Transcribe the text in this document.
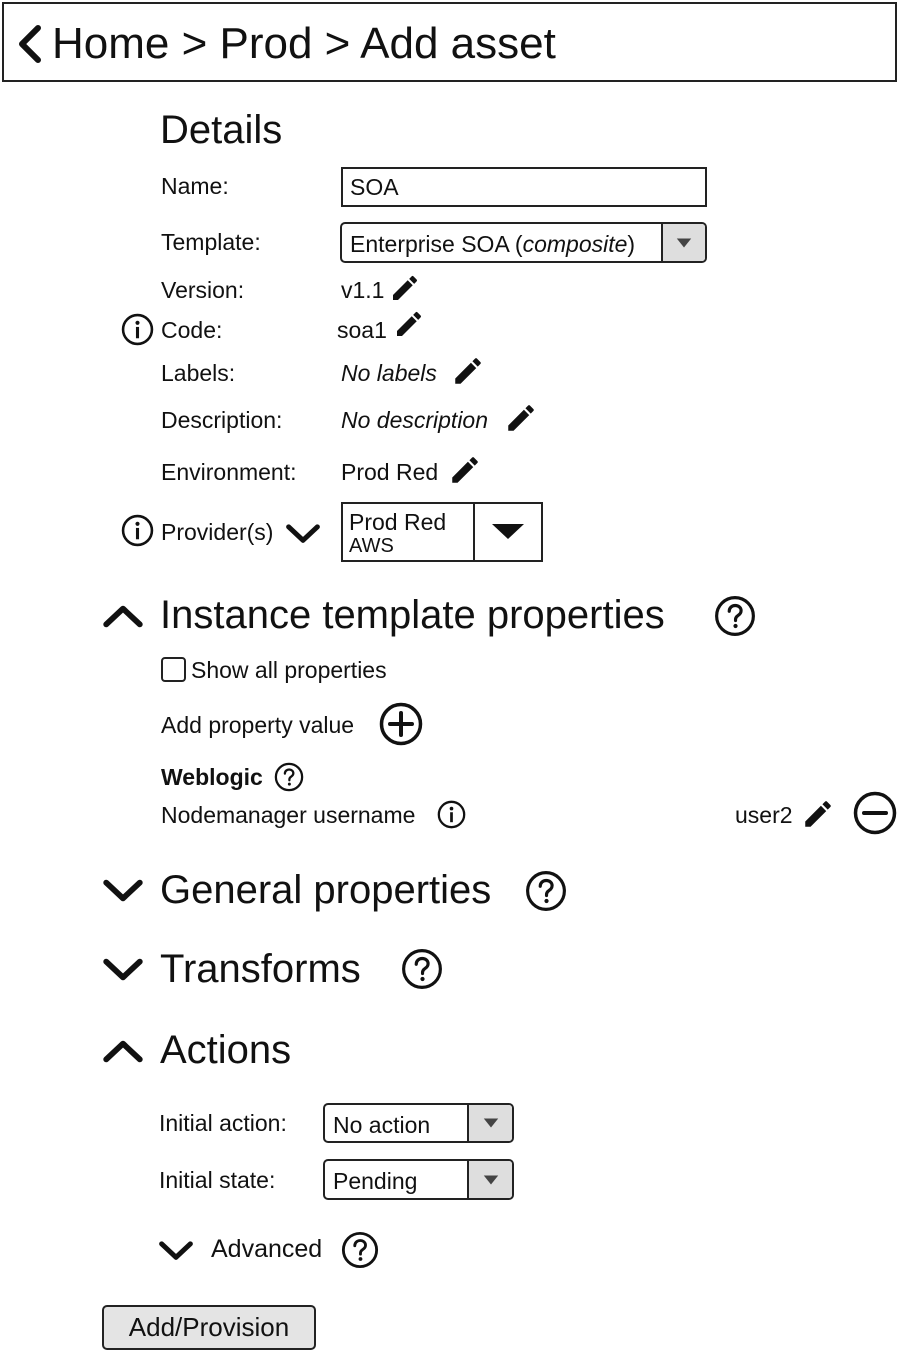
Home > Prod > Add asset
Details
Name:
SOA
Template:	Enterprise SOA (composite)
Version:	v1.1
Code:	soa1
Labels:	No labels
Description:	No description
Environment: Prod Red
Provider(s)	Prod Red
AWS
Instance template properties
Show all properties
Add property value
Weblogic
Nodemanager username	user2
General properties
Transforms
Actions
Initial action: No action
Initial state:	Pending
Advanced
Add/Provision
